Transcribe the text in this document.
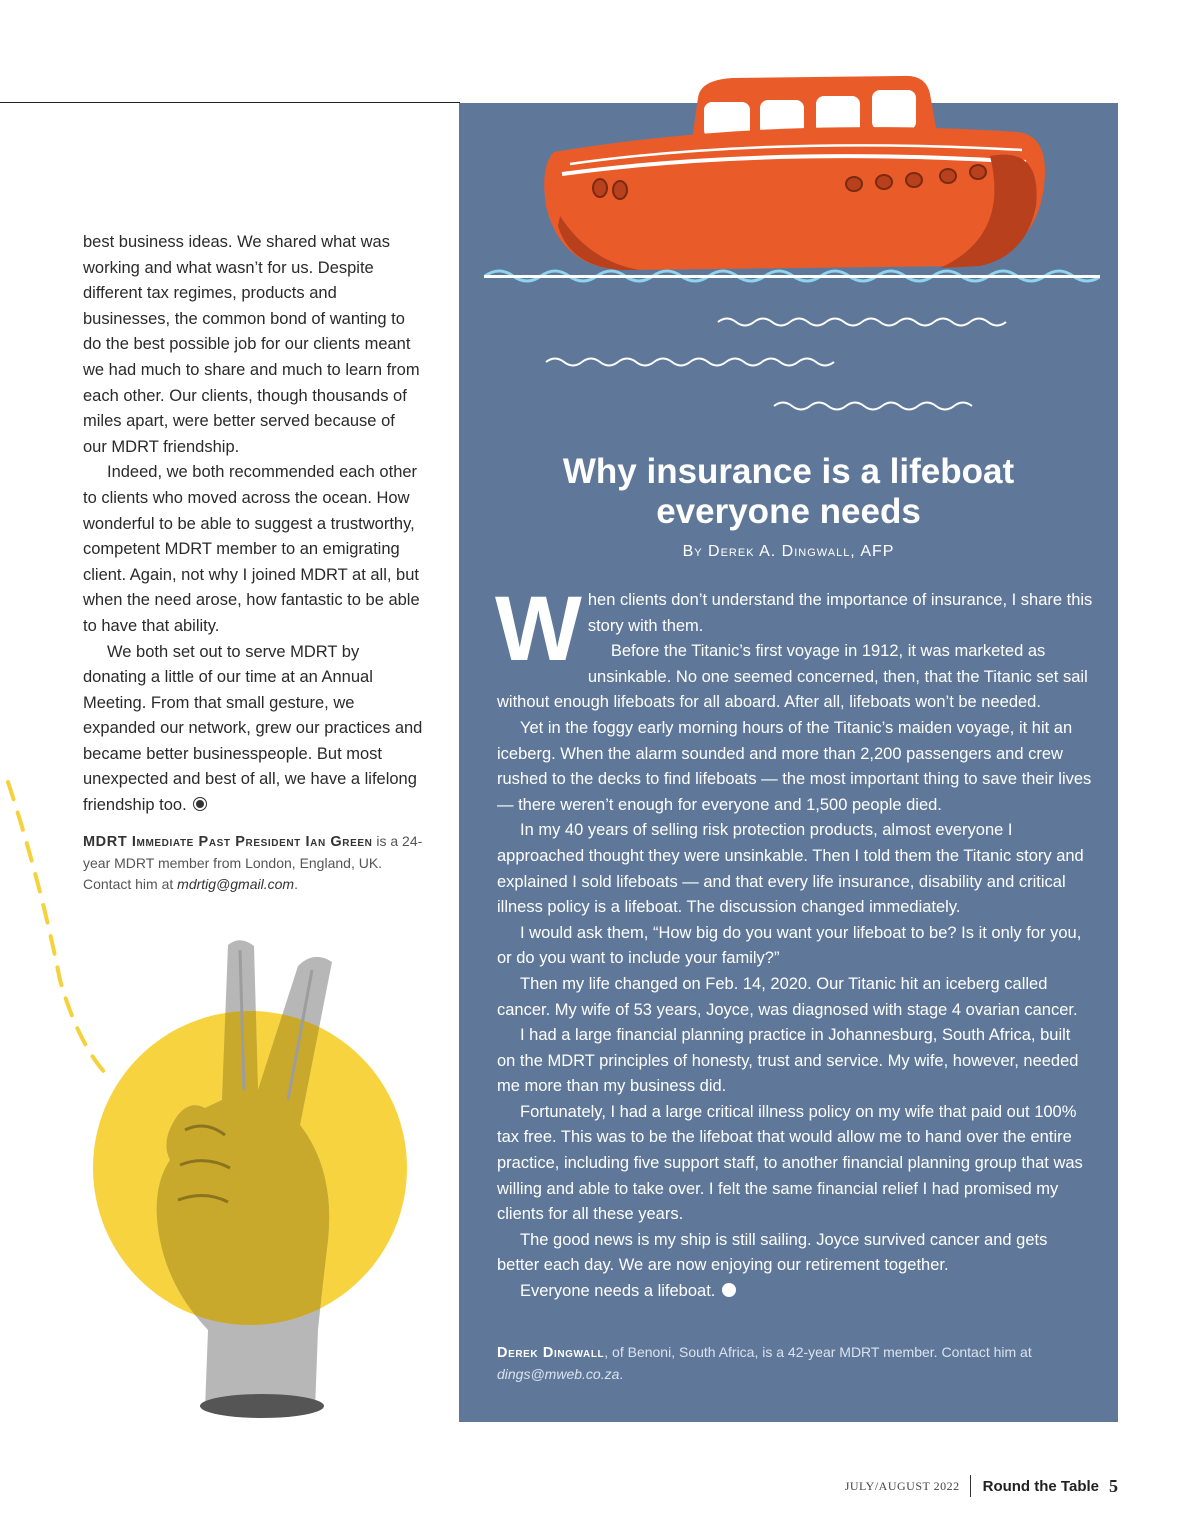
best business ideas. We shared what was working and what wasn’t for us. Despite different tax regimes, products and businesses, the common bond of wanting to do the best possible job for our clients meant we had much to share and much to learn from each other. Our clients, though thousands of miles apart, were better served because of our MDRT friendship.

Indeed, we both recommended each other to clients who moved across the ocean. How wonderful to be able to suggest a trustworthy, competent MDRT member to an emigrating client. Again, not why I joined MDRT at all, but when the need arose, how fantastic to be able to have that ability.

We both set out to serve MDRT by donating a little of our time at an Annual Meeting. From that small gesture, we expanded our network, grew our practices and became better businesspeople. But most unexpected and best of all, we have a lifelong friendship too.

MDRT Immediate Past President Ian Green is a 24-year MDRT member from London, England, UK. Contact him at mdrtig@gmail.com.
Why insurance is a lifeboat
everyone needs
By Derek A. Dingwall, AFP

When clients don’t understand the importance of insurance, I share this story with them.

Before the Titanic’s first voyage in 1912, it was marketed as unsinkable. No one seemed concerned, then, that the Titanic set sail without enough lifeboats for all aboard. After all, lifeboats won’t be needed.

Yet in the foggy early morning hours of the Titanic’s maiden voyage, it hit an iceberg. When the alarm sounded and more than 2,200 passengers and crew rushed to the decks to find lifeboats — the most important thing to save their lives — there weren’t enough for everyone and 1,500 people died.

In my 40 years of selling risk protection products, almost everyone I approached thought they were unsinkable. Then I told them the Titanic story and explained I sold lifeboats — and that every life insurance, disability and critical illness policy is a lifeboat. The discussion changed immediately.

I would ask them, “How big do you want your lifeboat to be? Is it only for you, or do you want to include your family?”

Then my life changed on Feb. 14, 2020. Our Titanic hit an iceberg called cancer. My wife of 53 years, Joyce, was diagnosed with stage 4 ovarian cancer.

I had a large financial planning practice in Johannesburg, South Africa, built on the MDRT principles of honesty, trust and service. My wife, however, needed me more than my business did.

Fortunately, I had a large critical illness policy on my wife that paid out 100% tax free. This was to be the lifeboat that would allow me to hand over the entire practice, including five support staff, to another financial planning group that was willing and able to take over. I felt the same financial relief I had promised my clients for all these years.

The good news is my ship is still sailing. Joyce survived cancer and gets better each day. We are now enjoying our retirement together.

Everyone needs a lifeboat.

Derek Dingwall, of Benoni, South Africa, is a 42-year MDRT member. Contact him at dings@mweb.co.za.
JULY/AUGUST 2022	Round the Table 5
